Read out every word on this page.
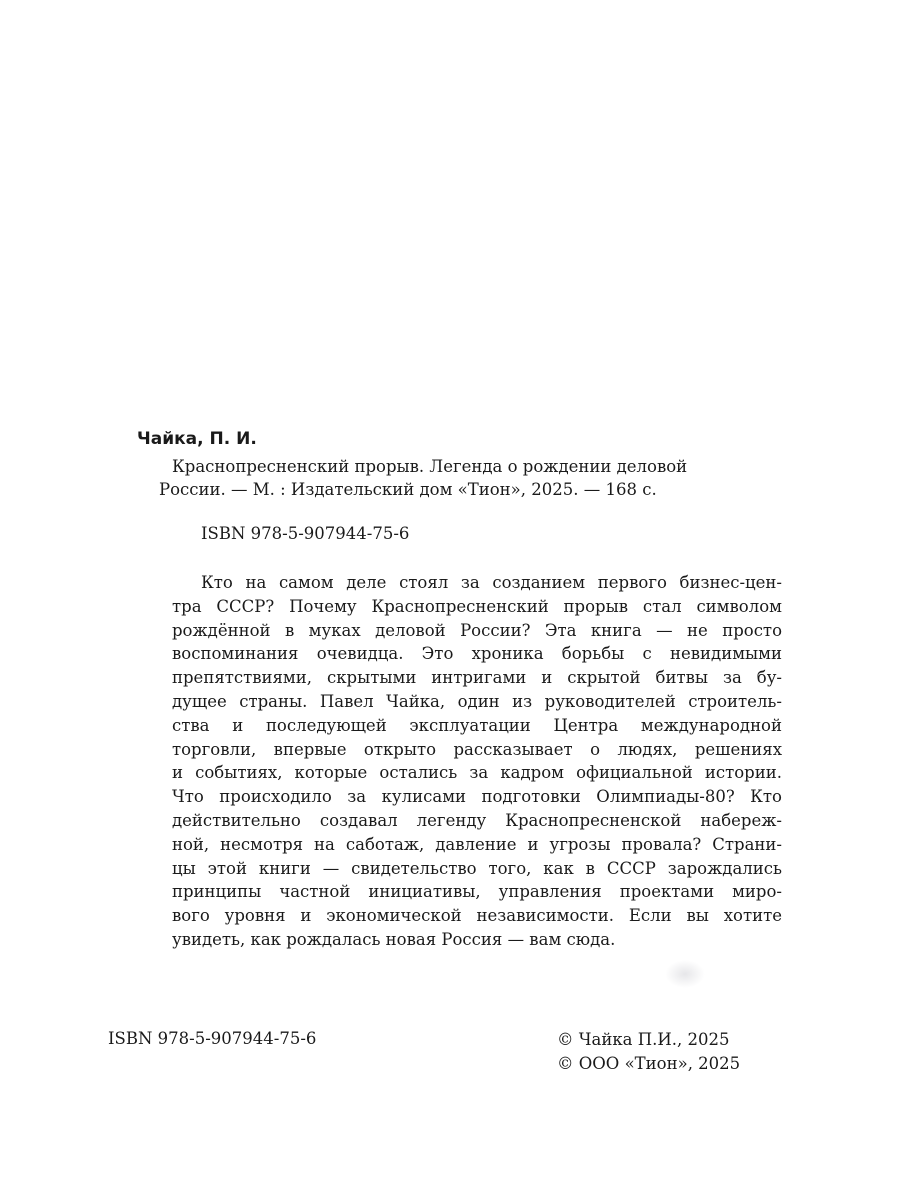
Чайка, П. И.
Краснопресненский прорыв. Легенда о рождении деловой
России. — М. : Издательский дом «Тион», 2025. — 168 с.
ISBN 978-5-907944-75-6
Кто на самом деле стоял за созданием первого бизнес-цен-
тра СССР? Почему Краснопресненский прорыв стал символом
рождённой в муках деловой России? Эта книга — не просто
воспоминания очевидца. Это хроника борьбы с невидимыми
препятствиями, скрытыми интригами и скрытой битвы за бу-
дущее страны. Павел Чайка, один из руководителей строитель-
ства и последующей эксплуатации Центра международной
торговли, впервые открыто рассказывает о людях, решениях
и событиях, которые остались за кадром официальной истории.
Что происходило за кулисами подготовки Олимпиады-80? Кто
действительно создавал легенду Краснопресненской набереж-
ной, несмотря на саботаж, давление и угрозы провала? Страни-
цы этой книги — свидетельство того, как в СССР зарождались
принципы частной инициативы, управления проектами миро-
вого уровня и экономической независимости. Если вы хотите
увидеть, как рождалась новая Россия — вам сюда.
ISBN 978-5-907944-75-6	© Чайка П.И., 2025
© ООО «Тион», 2025
